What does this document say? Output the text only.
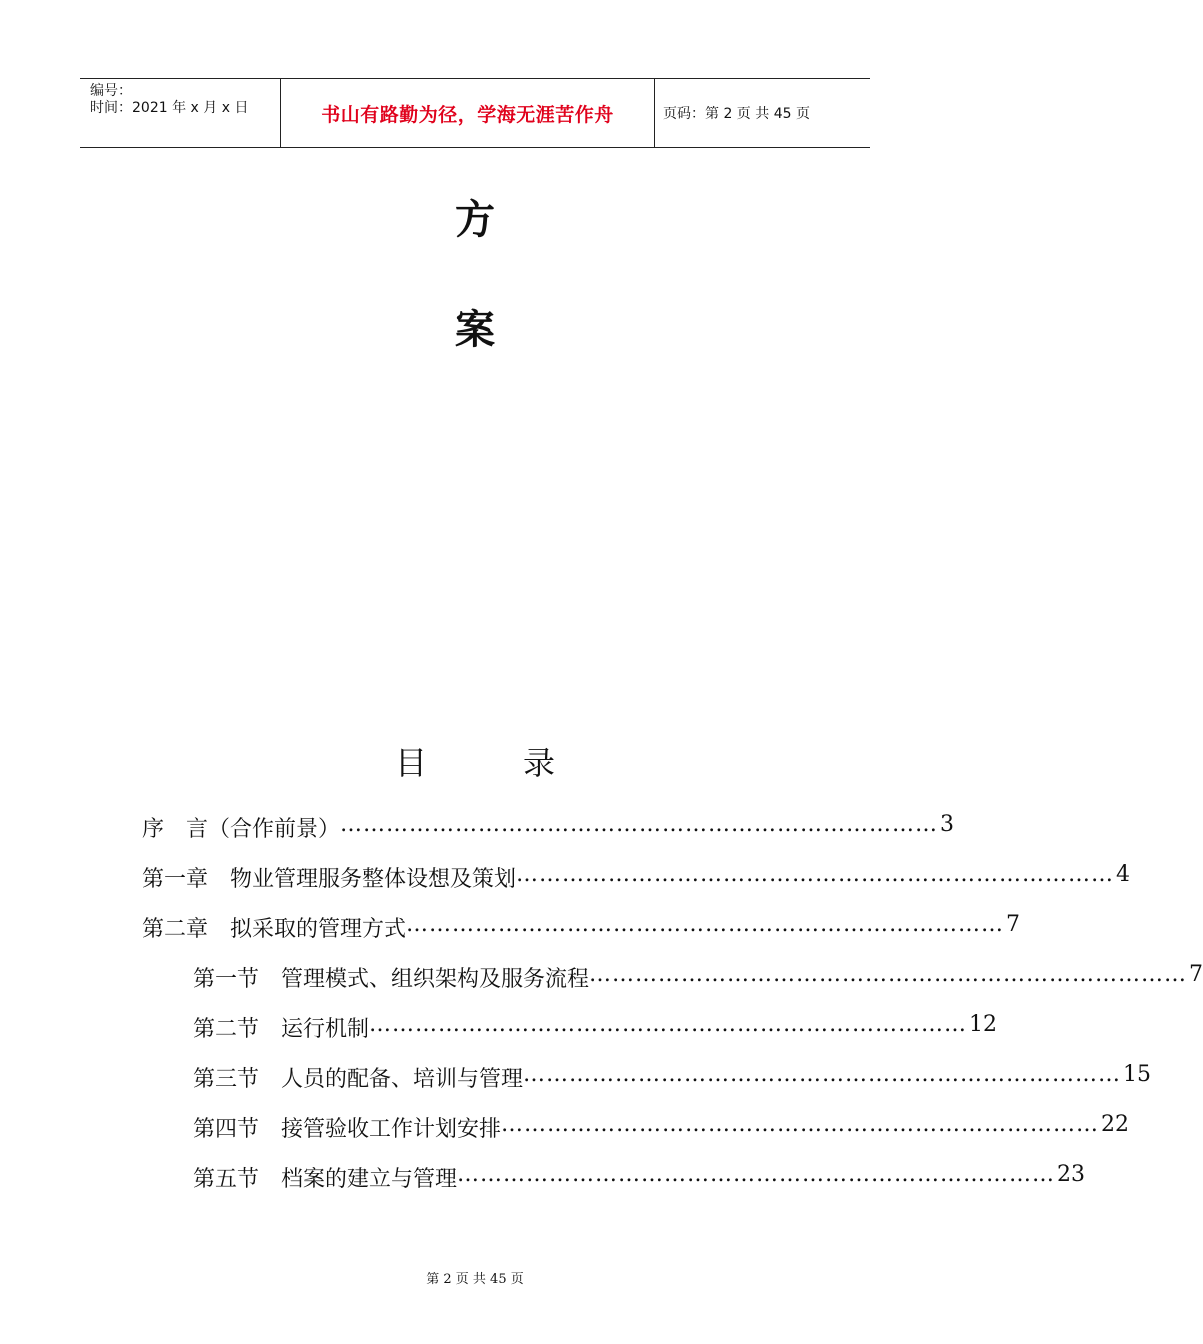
编号：
时间：2021 年 x 月 x 日	书山有路勤为径，学海无涯苦作舟	页码：第 2 页 共 45 页
方
案
目录
序　言（合作前景） …………………………………………………………………… 3
第一章　物业管理服务整体设想及策划 …………………………………………………………………… 4
第二章　拟采取的管理方式 …………………………………………………………………… 7
第一节　管理模式、组织架构及服务流程 …………………………………………………………………… 7
第二节　运行机制 …………………………………………………………………… 12
第三节　人员的配备、培训与管理 …………………………………………………………………… 15
第四节　接管验收工作计划安排 …………………………………………………………………… 22
第五节　档案的建立与管理 …………………………………………………………………… 23
第 2 页 共 45 页
